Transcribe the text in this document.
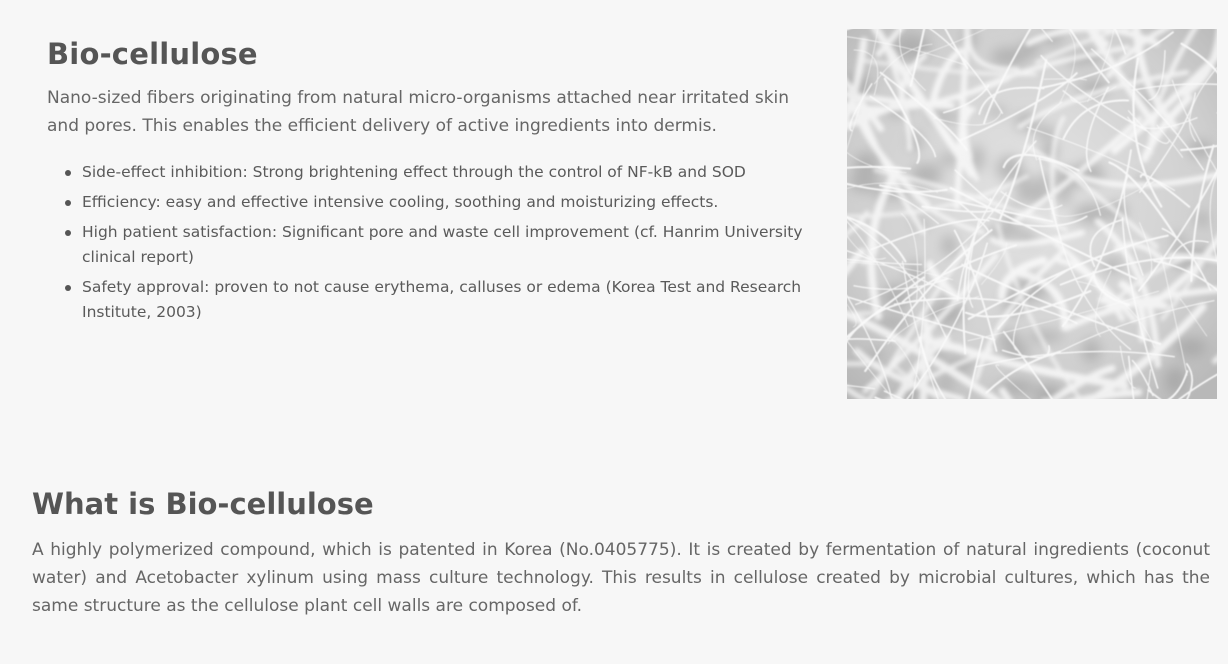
Bio-cellulose

Nano-sized fibers originating from natural micro-organisms attached near irritated skin and pores. This enables the efficient delivery of active ingredients into dermis.

Side-effect inhibition: Strong brightening effect through the control of NF-kB and SOD
Efficiency: easy and effective intensive cooling, soothing and moisturizing effects.
High patient satisfaction: Significant pore and waste cell improvement (cf. Hanrim University clinical report)
Safety approval: proven to not cause erythema, calluses or edema (Korea Test and Research Institute, 2003)
What is Bio-cellulose

A highly polymerized compound, which is patented in Korea (No.0405775). It is created by fermentation of natural ingredients (coconut water) and Acetobacter xylinum using mass culture technology. This results in cellulose created by microbial cultures, which has the same structure as the cellulose plant cell walls are composed of.
